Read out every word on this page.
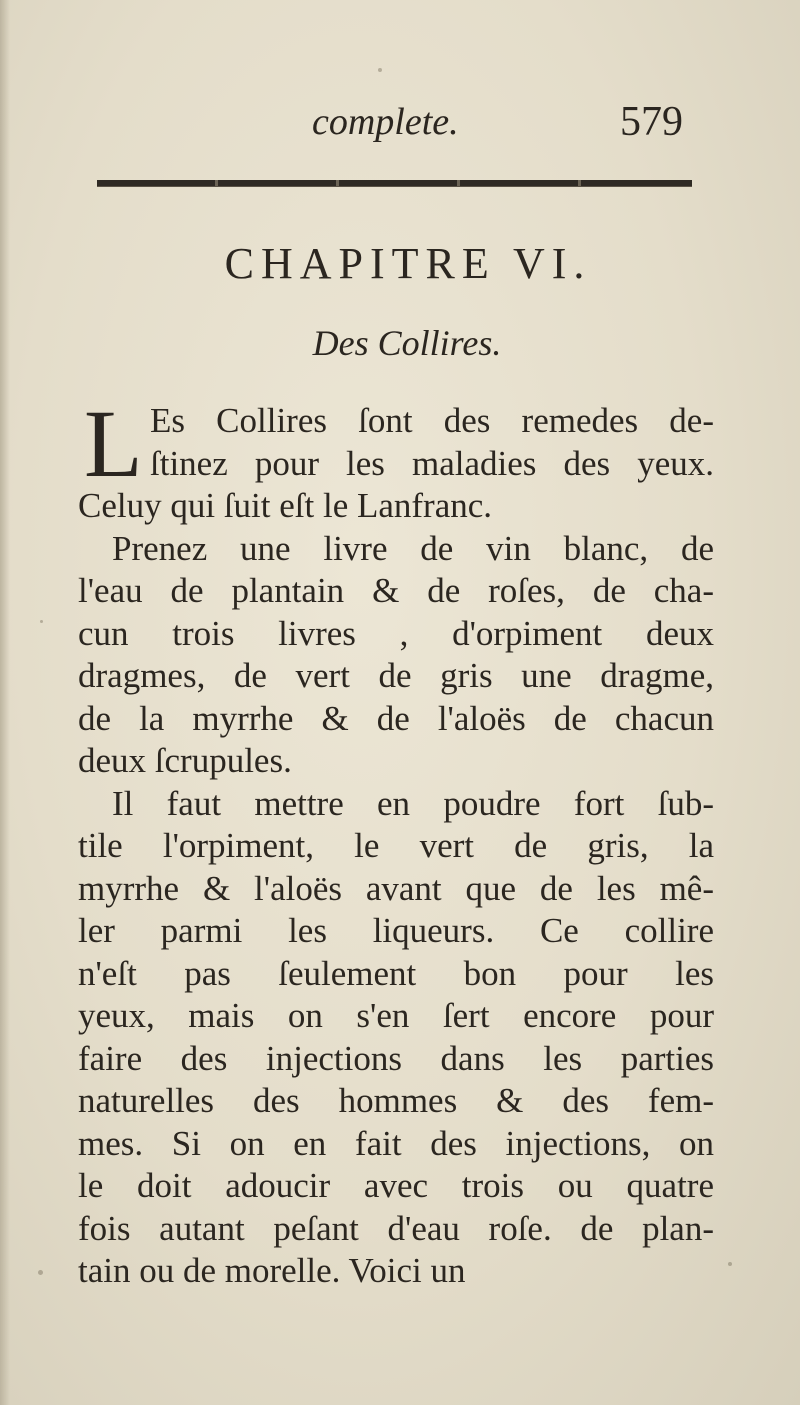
complete.	579
CHAPITRE VI.
Des Collires.
L Es Collires ſont des remedes de-
ſtinez pour les maladies des yeux.
Celuy qui ſuit eſt le Lanfranc.
Prenez une livre de vin blanc, de
l'eau de plantain & de roſes, de cha-
cun trois livres , d'orpiment deux
dragmes, de vert de gris une dragme,
de la myrrhe & de l'aloës de chacun
deux ſcrupules.
Il faut mettre en poudre fort ſub-
tile l'orpiment, le vert de gris, la
myrrhe & l'aloës avant que de les mê-
ler parmi les liqueurs. Ce collire
n'eſt pas ſeulement bon pour les
yeux, mais on s'en ſert encore pour
faire des injections dans les parties
naturelles des hommes & des fem-
mes. Si on en fait des injections, on
le doit adoucir avec trois ou quatre
fois autant peſant d'eau roſe. de plan-
tain ou de morelle. Voici un
